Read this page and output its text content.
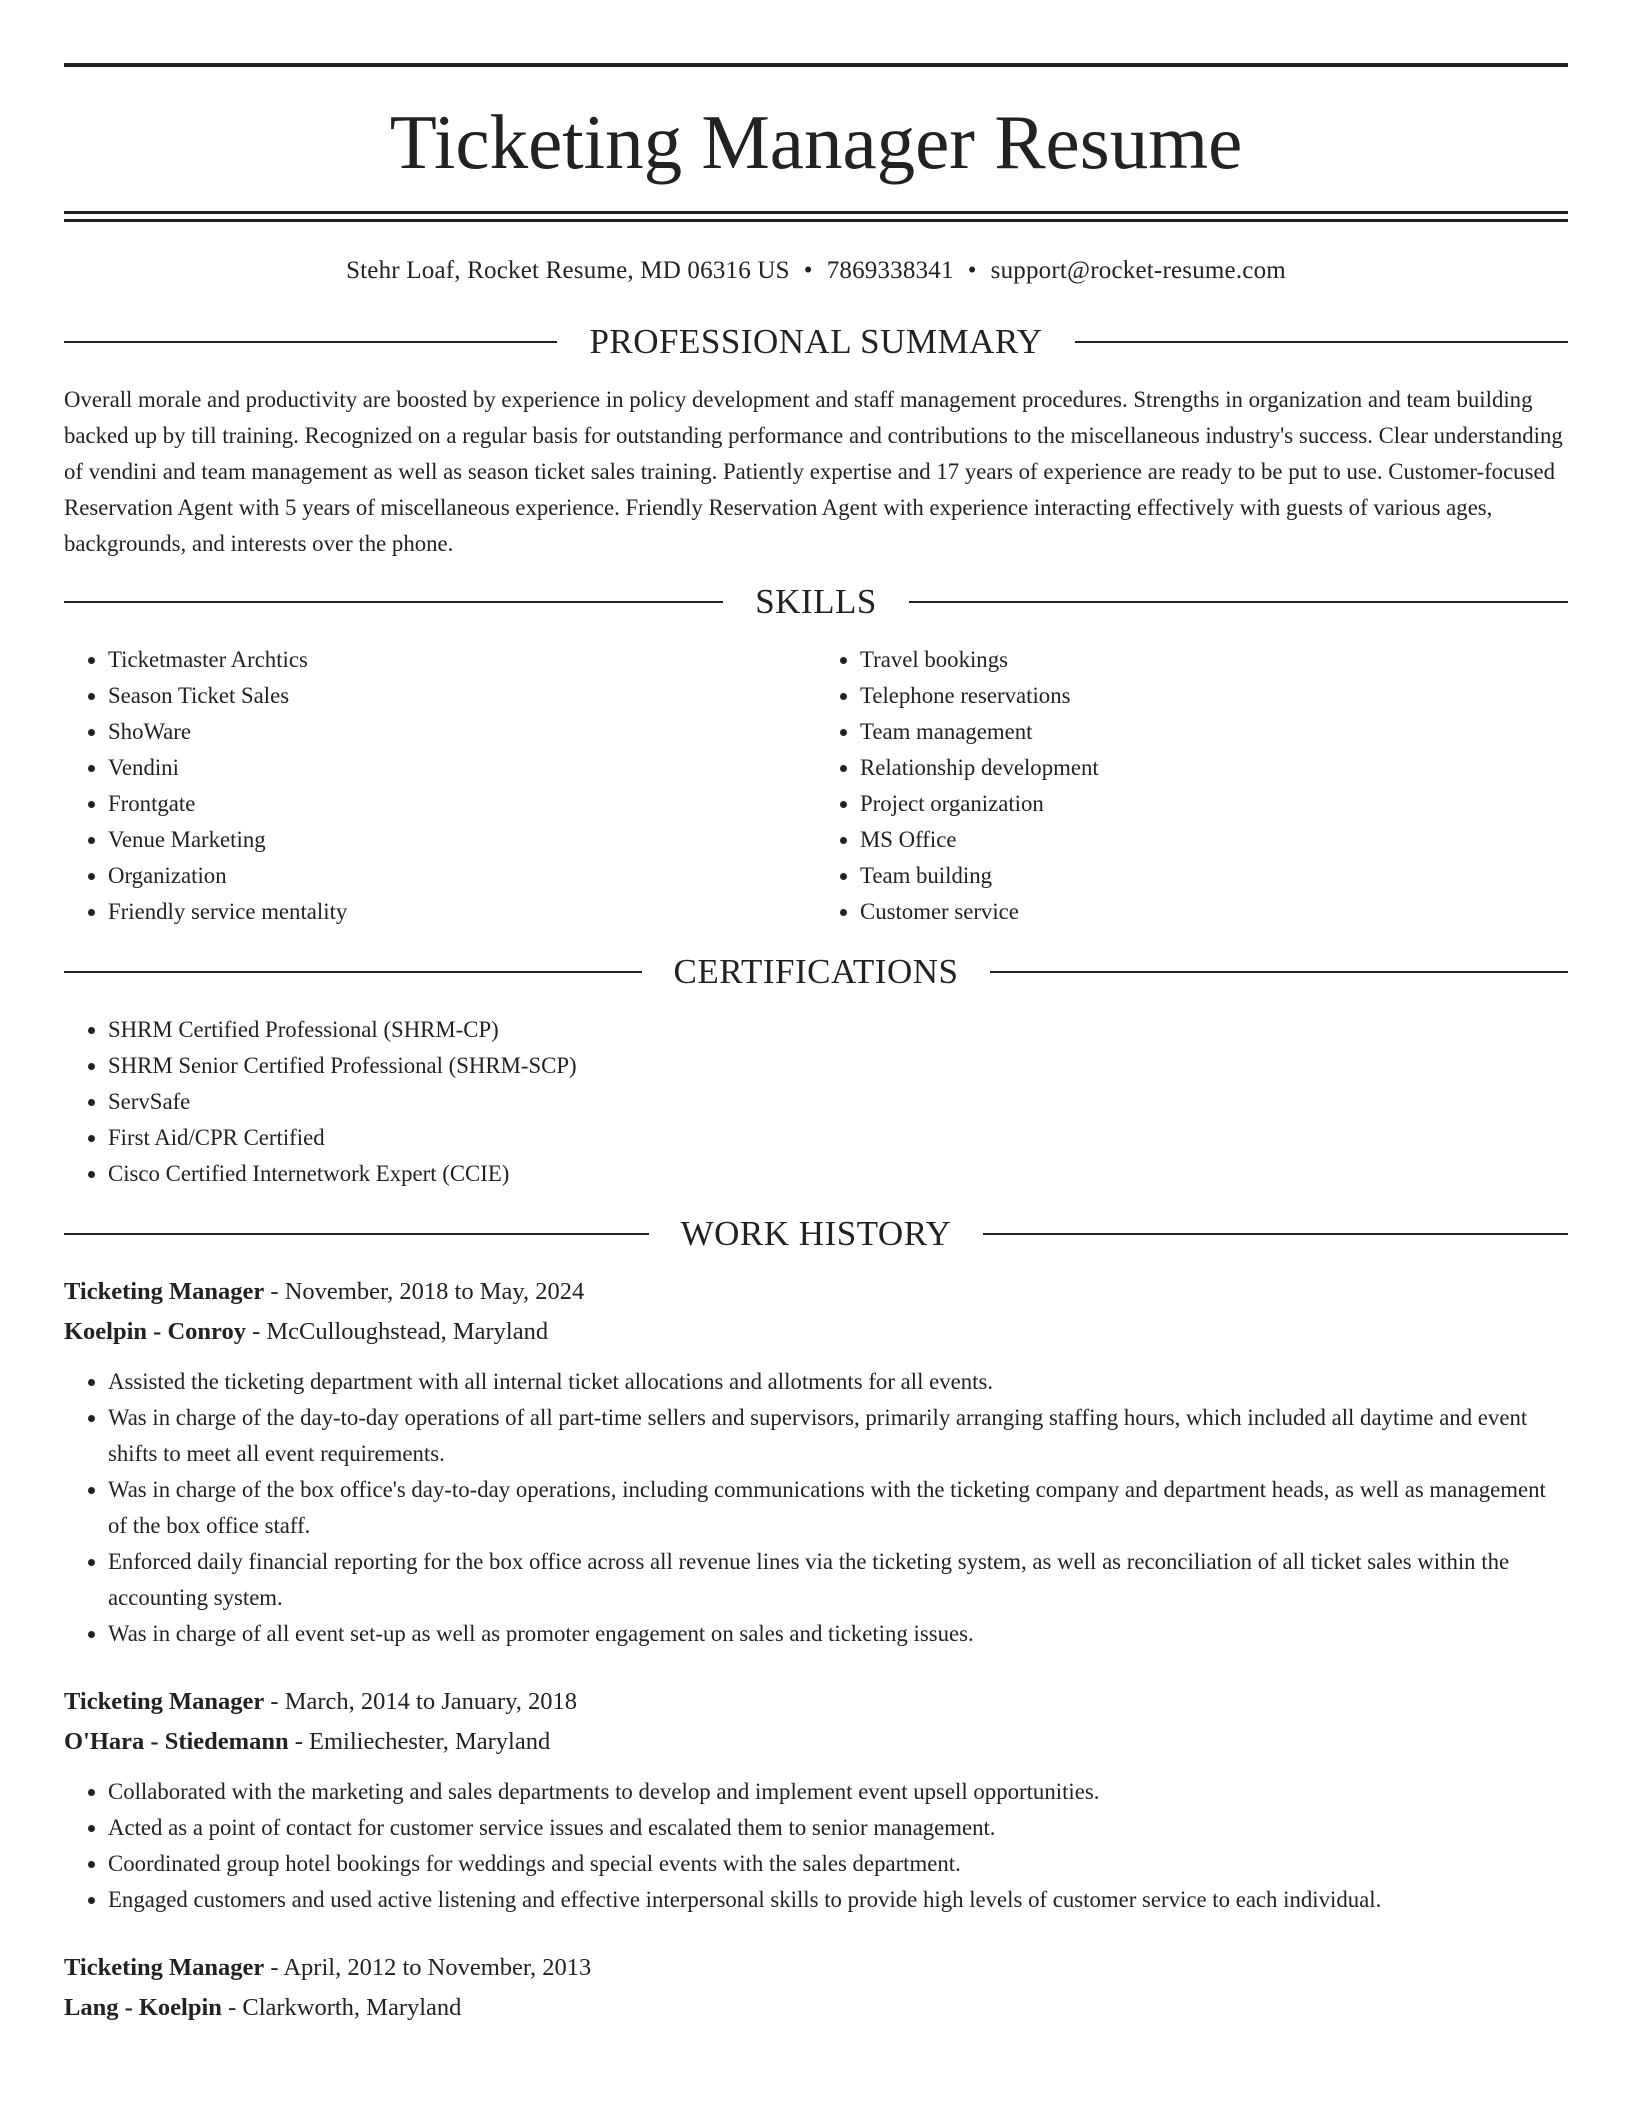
Ticketing Manager Resume
Stehr Loaf, Rocket Resume, MD 06316 US • 7869338341 • support@rocket-resume.com
PROFESSIONAL SUMMARY

Overall morale and productivity are boosted by experience in policy development and staff management procedures. Strengths in organization and team building backed up by till training. Recognized on a regular basis for outstanding performance and contributions to the miscellaneous industry's success. Clear understanding of vendini and team management as well as season ticket sales training. Patiently expertise and 17 years of experience are ready to be put to use. Customer-focused Reservation Agent with 5 years of miscellaneous experience. Friendly Reservation Agent with experience interacting effectively with guests of various ages, backgrounds, and interests over the phone.

SKILLS
• Ticketmaster Archtics
• Season Ticket Sales
• ShoWare
• Vendini
• Frontgate
• Venue Marketing
• Organization
• Friendly service mentality
• Travel bookings
• Telephone reservations
• Team management
• Relationship development
• Project organization
• MS Office
• Team building
• Customer service
CERTIFICATIONS
• SHRM Certified Professional (SHRM-CP)
• SHRM Senior Certified Professional (SHRM-SCP)
• ServSafe
• First Aid/CPR Certified
• Cisco Certified Internetwork Expert (CCIE)
WORK HISTORY
Ticketing Manager - November, 2018 to May, 2024
Koelpin - Conroy - McCulloughstead, Maryland
• Assisted the ticketing department with all internal ticket allocations and allotments for all events.
• Was in charge of the day-to-day operations of all part-time sellers and supervisors, primarily arranging staffing hours, which included all daytime and event shifts to meet all event requirements.
• Was in charge of the box office's day-to-day operations, including communications with the ticketing company and department heads, as well as management of the box office staff.
• Enforced daily financial reporting for the box office across all revenue lines via the ticketing system, as well as reconciliation of all ticket sales within the accounting system.
• Was in charge of all event set-up as well as promoter engagement on sales and ticketing issues.
Ticketing Manager - March, 2014 to January, 2018
O'Hara - Stiedemann - Emiliechester, Maryland
• Collaborated with the marketing and sales departments to develop and implement event upsell opportunities.
• Acted as a point of contact for customer service issues and escalated them to senior management.
• Coordinated group hotel bookings for weddings and special events with the sales department.
• Engaged customers and used active listening and effective interpersonal skills to provide high levels of customer service to each individual.
Ticketing Manager - April, 2012 to November, 2013
Lang - Koelpin - Clarkworth, Maryland
